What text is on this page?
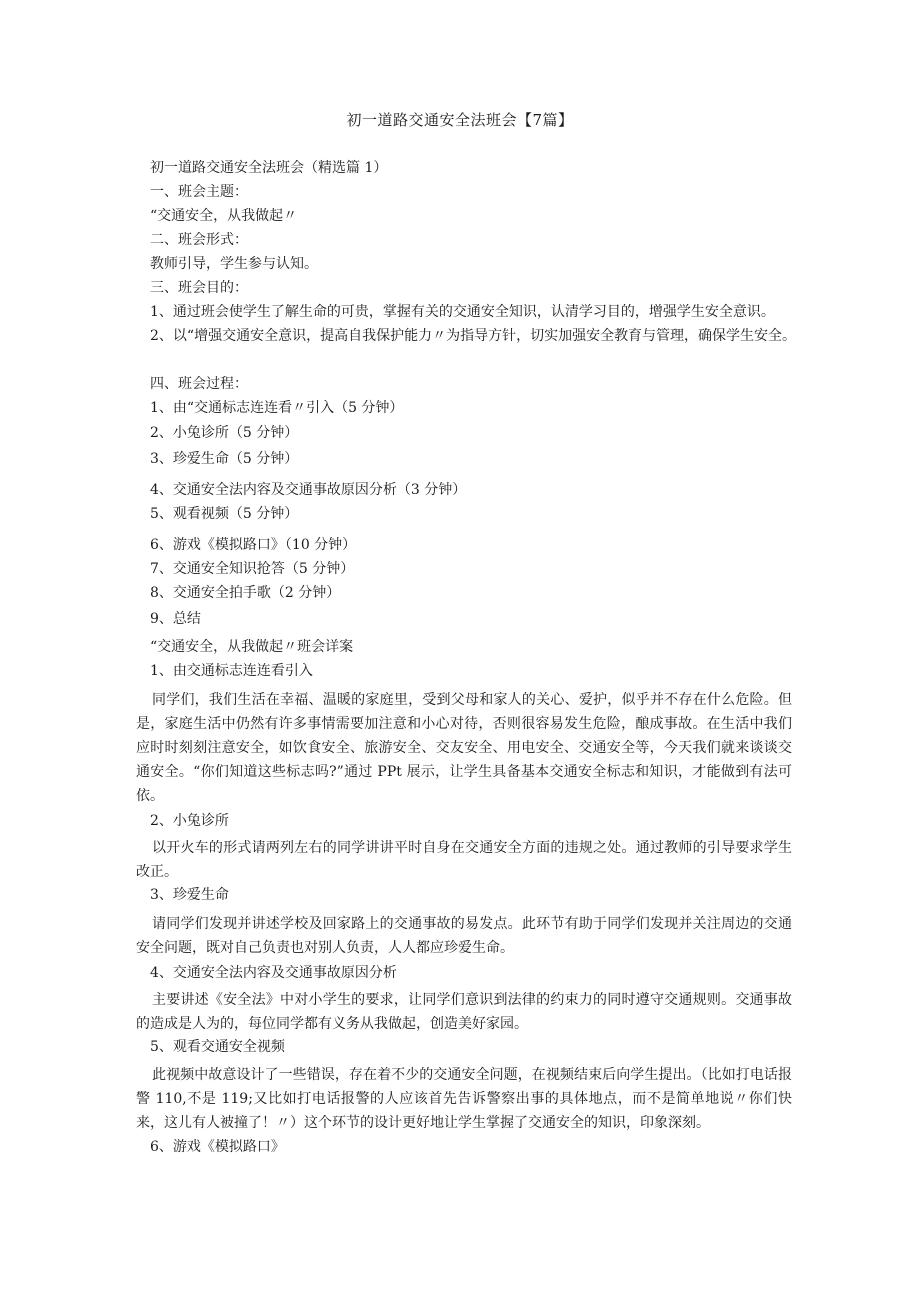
初一道路交通安全法班会【7篇】
初一道路交通安全法班会（精选篇 1）
一、班会主题：
“交通安全，从我做起〃
二、班会形式：
教师引导，学生参与认知。
三、班会目的：
1、通过班会使学生了解生命的可贵，掌握有关的交通安全知识，认清学习目的，增强学生安全意识。
2、以“增强交通安全意识，提高自我保护能力〃为指导方针，切实加强安全教育与管理，确保学生安全。
四、班会过程：
1、由“交通标志连连看〃引入（5 分钟）
2、小兔诊所（5 分钟）
3、珍爱生命（5 分钟）
4、交通安全法内容及交通事故原因分析（3 分钟）
5、观看视频（5 分钟）
6、游戏《模拟路口》（10 分钟）
7、交通安全知识抢答（5 分钟）
8、交通安全拍手歌（2 分钟）
9、总结
“交通安全，从我做起〃班会详案
1、由交通标志连连看引入
同学们，我们生活在幸福、温暖的家庭里，受到父母和家人的关心、爱护，似乎并不存在什么危险。但是，家庭生活中仍然有许多事情需要加注意和小心对待，否则很容易发生危险，酿成事故。在生活中我们应时时刻刻注意安全，如饮食安全、旅游安全、交友安全、用电安全、交通安全等，今天我们就来谈谈交通安全。“你们知道这些标志吗?”通过 PPt 展示，让学生具备基本交通安全标志和知识，才能做到有法可依。
2、小兔诊所
以开火车的形式请两列左右的同学讲讲平时自身在交通安全方面的违规之处。通过教师的引导要求学生改正。
3、珍爱生命
请同学们发现并讲述学校及回家路上的交通事故的易发点。此环节有助于同学们发现并关注周边的交通安全问题，既对自己负责也对别人负责，人人都应珍爱生命。
4、交通安全法内容及交通事故原因分析
主要讲述《安全法》中对小学生的要求，让同学们意识到法律的约束力的同时遵守交通规则。交通事故的造成是人为的，每位同学都有义务从我做起，创造美好家园。
5、观看交通安全视频
此视频中故意设计了一些错误，存在着不少的交通安全问题，在视频结束后向学生提出。（比如打电话报警 110,不是 119;又比如打电话报警的人应该首先告诉警察出事的具体地点，而不是简单地说〃你们快来，这儿有人被撞了！〃）这个环节的设计更好地让学生掌握了交通安全的知识，印象深刻。
6、游戏《模拟路口》
